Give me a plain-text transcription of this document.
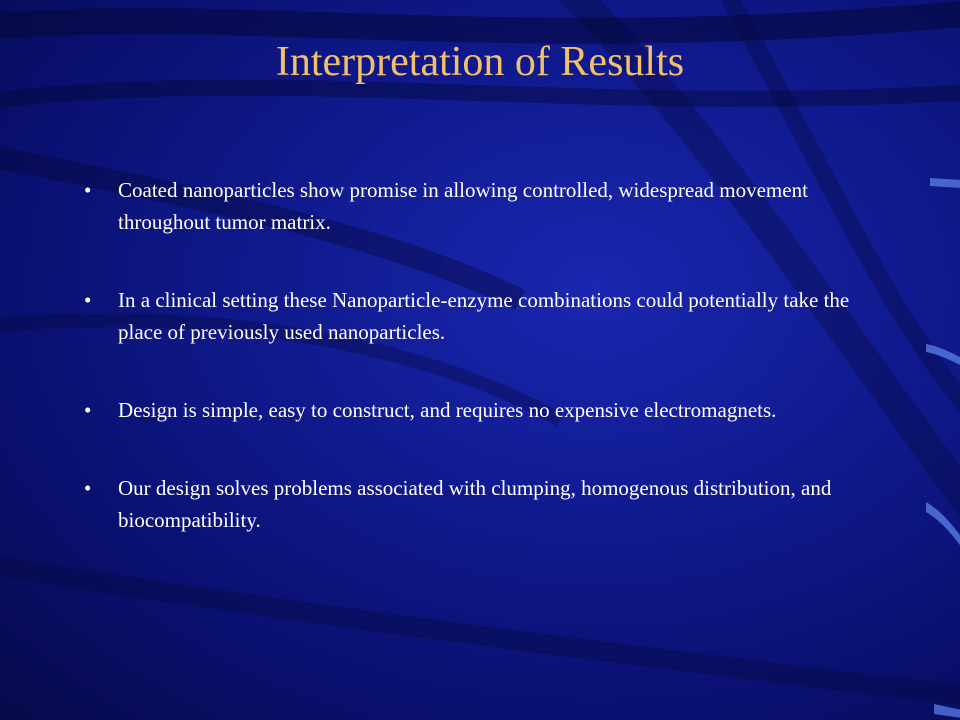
Interpretation of Results
•	Coated nanoparticles show promise in allowing controlled, widespread movement throughout tumor matrix.
•	In a clinical setting these Nanoparticle-enzyme combinations could potentially take the place of previously used nanoparticles.
•	Design is simple, easy to construct, and requires no expensive electromagnets.
•	Our design solves problems associated with clumping, homogenous distribution, and biocompatibility.
